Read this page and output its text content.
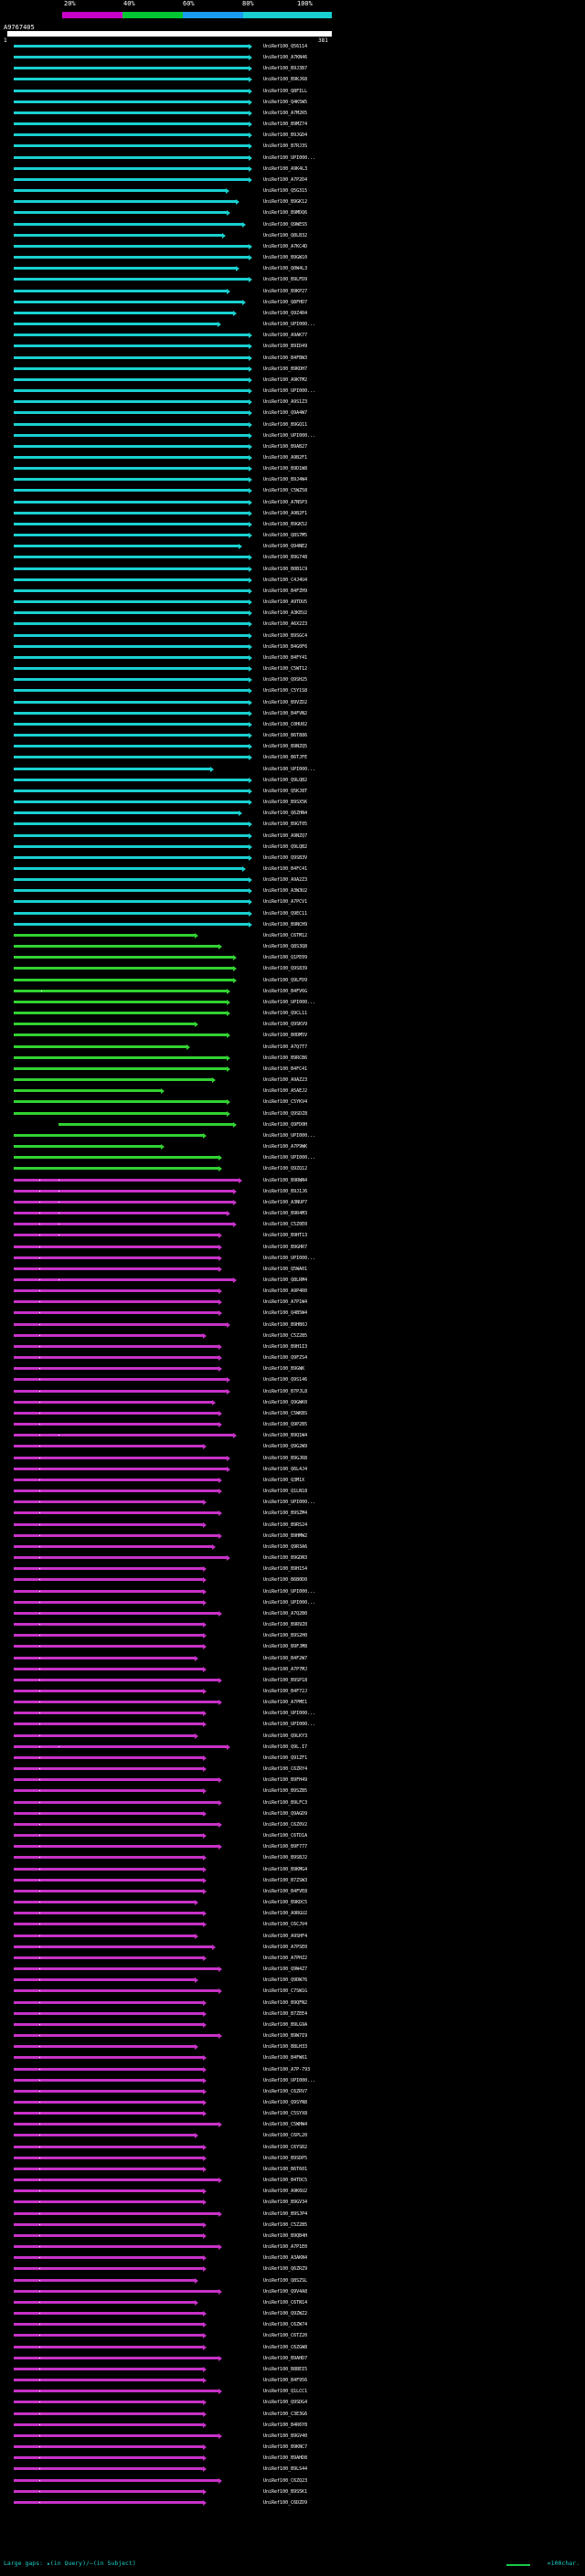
20%	40%	60%	80%	100%
A9767405
1	381
UniRef100_Q56114
UniRef100_A7KN46
UniRef100_B9J3B7
UniRef100_B9KJ68
UniRef100_Q8FILL
UniRef100_Q4K5W5
UniRef100_A7M2R5
UniRef100_B9MZ74
UniRef100_B9JGD4
UniRef100_B7RJ3S
UniRef100_UPI000...
UniRef100_A9K4L3
UniRef100_A7P2D4
UniRef100_Q5G315
UniRef100_B9GK12
UniRef100_B9MDQ6
UniRef100_Q9WES5
UniRef100_Q8LB32
UniRef100_A7KC4D
UniRef100_B9GW10
UniRef100_Q0W4L3
UniRef100_B9LFD9
UniRef100_B9KP27
UniRef100_Q8FHD7
UniRef100_Q9Z4R4
UniRef100_UPI000...
UniRef100_A9AK77
UniRef100_B9ID49
UniRef100_B4FBW3
UniRef100_B9KDH7
UniRef100_A9KTM2
UniRef100_UPI000...
UniRef100_A9S1Z3
UniRef100_Q9A4W7
UniRef100_B9GQ11
UniRef100_UPI000...
UniRef100_B9AB27
UniRef100_A9B2F1
UniRef100_B9D1W8
UniRef100_B9J4W4
UniRef100_C5WZ58
UniRef100_A7N5P3
UniRef100_A9B2F1
UniRef100_B9GK52
UniRef100_Q8S7M5
UniRef100_Q94NE2
UniRef100_B9G748
UniRef100_B0B1C9
UniRef100_C4J4U4
UniRef100_B4FZH9
UniRef100_A9TDU5
UniRef100_A3KEU2
UniRef100_A6X2Z3
UniRef100_B9SGC4
UniRef100_B4G0F6
UniRef100_B4FY41
UniRef100_C5WT12
UniRef100_Q9SH25
UniRef100_C5Y1S8
UniRef100_B9VZD2
UniRef100_B4FVN2
UniRef100_C0HU02
UniRef100_B6T886
UniRef100_B9NZQ5
UniRef100_B6TJFE
UniRef100_UPI000...
UniRef100_Q9LQB2
UniRef100_Q5KJ8T
UniRef100_B9SX5K
UniRef100_Q6ZHN4
UniRef100_B9GT05
UniRef100_A9NZQ7
UniRef100_Q9LQB2
UniRef100_Q9SB3V
UniRef100_B4FC41
UniRef100_A9A2Z3
UniRef100_A3W3U2
UniRef100_A7PCV1
UniRef100_Q9EC11
UniRef100_B9NCH9
UniRef100_C6TM12
UniRef100_Q8S3Q8
UniRef100_Q1PE09
UniRef100_Q9S839
UniRef100_Q9LFD9
UniRef100_B4FV6G
UniRef100_UPI000...
UniRef100_Q9CL11
UniRef100_Q9SKV9
UniRef100_B0DM5V
UniRef100_A7Q7T7
UniRef100_B9RCB6
UniRef100_B4FC41
UniRef100_A9AZ23
UniRef100_A5AEJ2
UniRef100_C5YKV4
UniRef100_Q9SDZ8
UniRef100_Q9FD0H
UniRef100_UPI000...
UniRef100_A7P9WK
UniRef100_UPI000...
UniRef100_Q9ZQ12
UniRef100_B9RWN4
UniRef100_B9J1J6
UniRef100_A3NUP7
UniRef100_B9R4M3
UniRef100_C5Z0E0
UniRef100_B9HT13
UniRef100_B9GHR7
UniRef100_UPI000...
UniRef100_Q5WA01
UniRef100_Q8LRM4
UniRef100_A9P4R0
UniRef100_A7P1W4
UniRef100_Q4B5W4
UniRef100_B9HB0J
UniRef100_C5Z2B5
UniRef100_B9H1I3
UniRef100_Q9FZS4
UniRef100_B9GWK
UniRef100_Q9S146
UniRef100_B7PJL8
UniRef100_Q9GWK0
UniRef100_C5WKBS
UniRef100_Q9P2B5
UniRef100_B9Q1W4
UniRef100_Q9G2W9
UniRef100_B9GJR8
UniRef100_Q6L4J4
UniRef100_Q3M1X
UniRef100_Q1LN18
UniRef100_UPI000...
UniRef100_B9SZM4
UniRef100_B9RS24
UniRef100_B9HMW2
UniRef100_Q9R3A6
UniRef100_B9GDN3
UniRef100_B9H154
UniRef100_B6B0D0
UniRef100_UPI000...
UniRef100_UPI000...
UniRef100_A7Q2B0
UniRef100_B9R9Z0
UniRef100_B9S2H0
UniRef100_B9FJM8
UniRef100_B4F2W7
UniRef100_A7P7MJ
UniRef100_B9SP18
UniRef100_B4F72J
UniRef100_A7PME1
UniRef100_UPI000...
UniRef100_UPI000...
UniRef100_Q9LKY3
UniRef100_Q9L.I7
UniRef100_Q91ZF1
UniRef100_C6ZRY4
UniRef100_B9FH49
UniRef100_B9SZB5
UniRef100_B9LFC3
UniRef100_Q9AGD9
UniRef100_C6Z0V2
UniRef100_C6TD1A
UniRef100_B9F777
UniRef100_B9SBJ2
UniRef100_B9KMG4
UniRef100_B7ZSW3
UniRef100_B4FVE8
UniRef100_B9KDC5
UniRef100_A9RGU2
UniRef100_C6CJV4
UniRef100_A9SHF4
UniRef100_A7PSE0
UniRef100_A7PHZ2
UniRef100_Q9W4Z7
UniRef100_Q9DW76
UniRef100_C7SW1G
UniRef100_B9QFN2
UniRef100_B7ZEE4
UniRef100_B9LG9A
UniRef100_B9W7I9
UniRef100_B8LH33
UniRef100_B4FW61
UniRef100_A7P-793
UniRef100_UPI000...
UniRef100_C6ZRV7
UniRef100_Q9SYN8
UniRef100_C5SYX8
UniRef100_C5WHW4
UniRef100_C6PL20
UniRef100_C6YSR2
UniRef100_B9SDP5
UniRef100_B6T601
UniRef100_B4TDC5
UniRef100_A9K6U2
UniRef100_B9GV34
UniRef100_B9SJP4
UniRef100_C5Z2B5
UniRef100_B9QB4H
UniRef100_A7P1E0
UniRef100_A3AKN4
UniRef100_Q6ZRZ9
UniRef100_Q8SZSL
UniRef100_Q9V4A8
UniRef100_C6TN14
UniRef100_Q9ZWZ2
UniRef100_C6ZW74
UniRef100_C6TZ20
UniRef100_C6ZGW8
UniRef100_B9AHD7
UniRef100_B8BEI5
UniRef100_B4F956
UniRef100_Q1LCC1
UniRef100_Q9SDG4
UniRef100_C3E3G6
UniRef100_B4R6Y8
UniRef100_B9GV40
UniRef100_B9KNC7
UniRef100_B9AHD8
UniRef100_B9LS44
UniRef100_C6ZQ23
UniRef100_B9S5K1
UniRef100_C6DZD9
Large gaps: ▴(in Query)/–(in Subject)	=100char.
